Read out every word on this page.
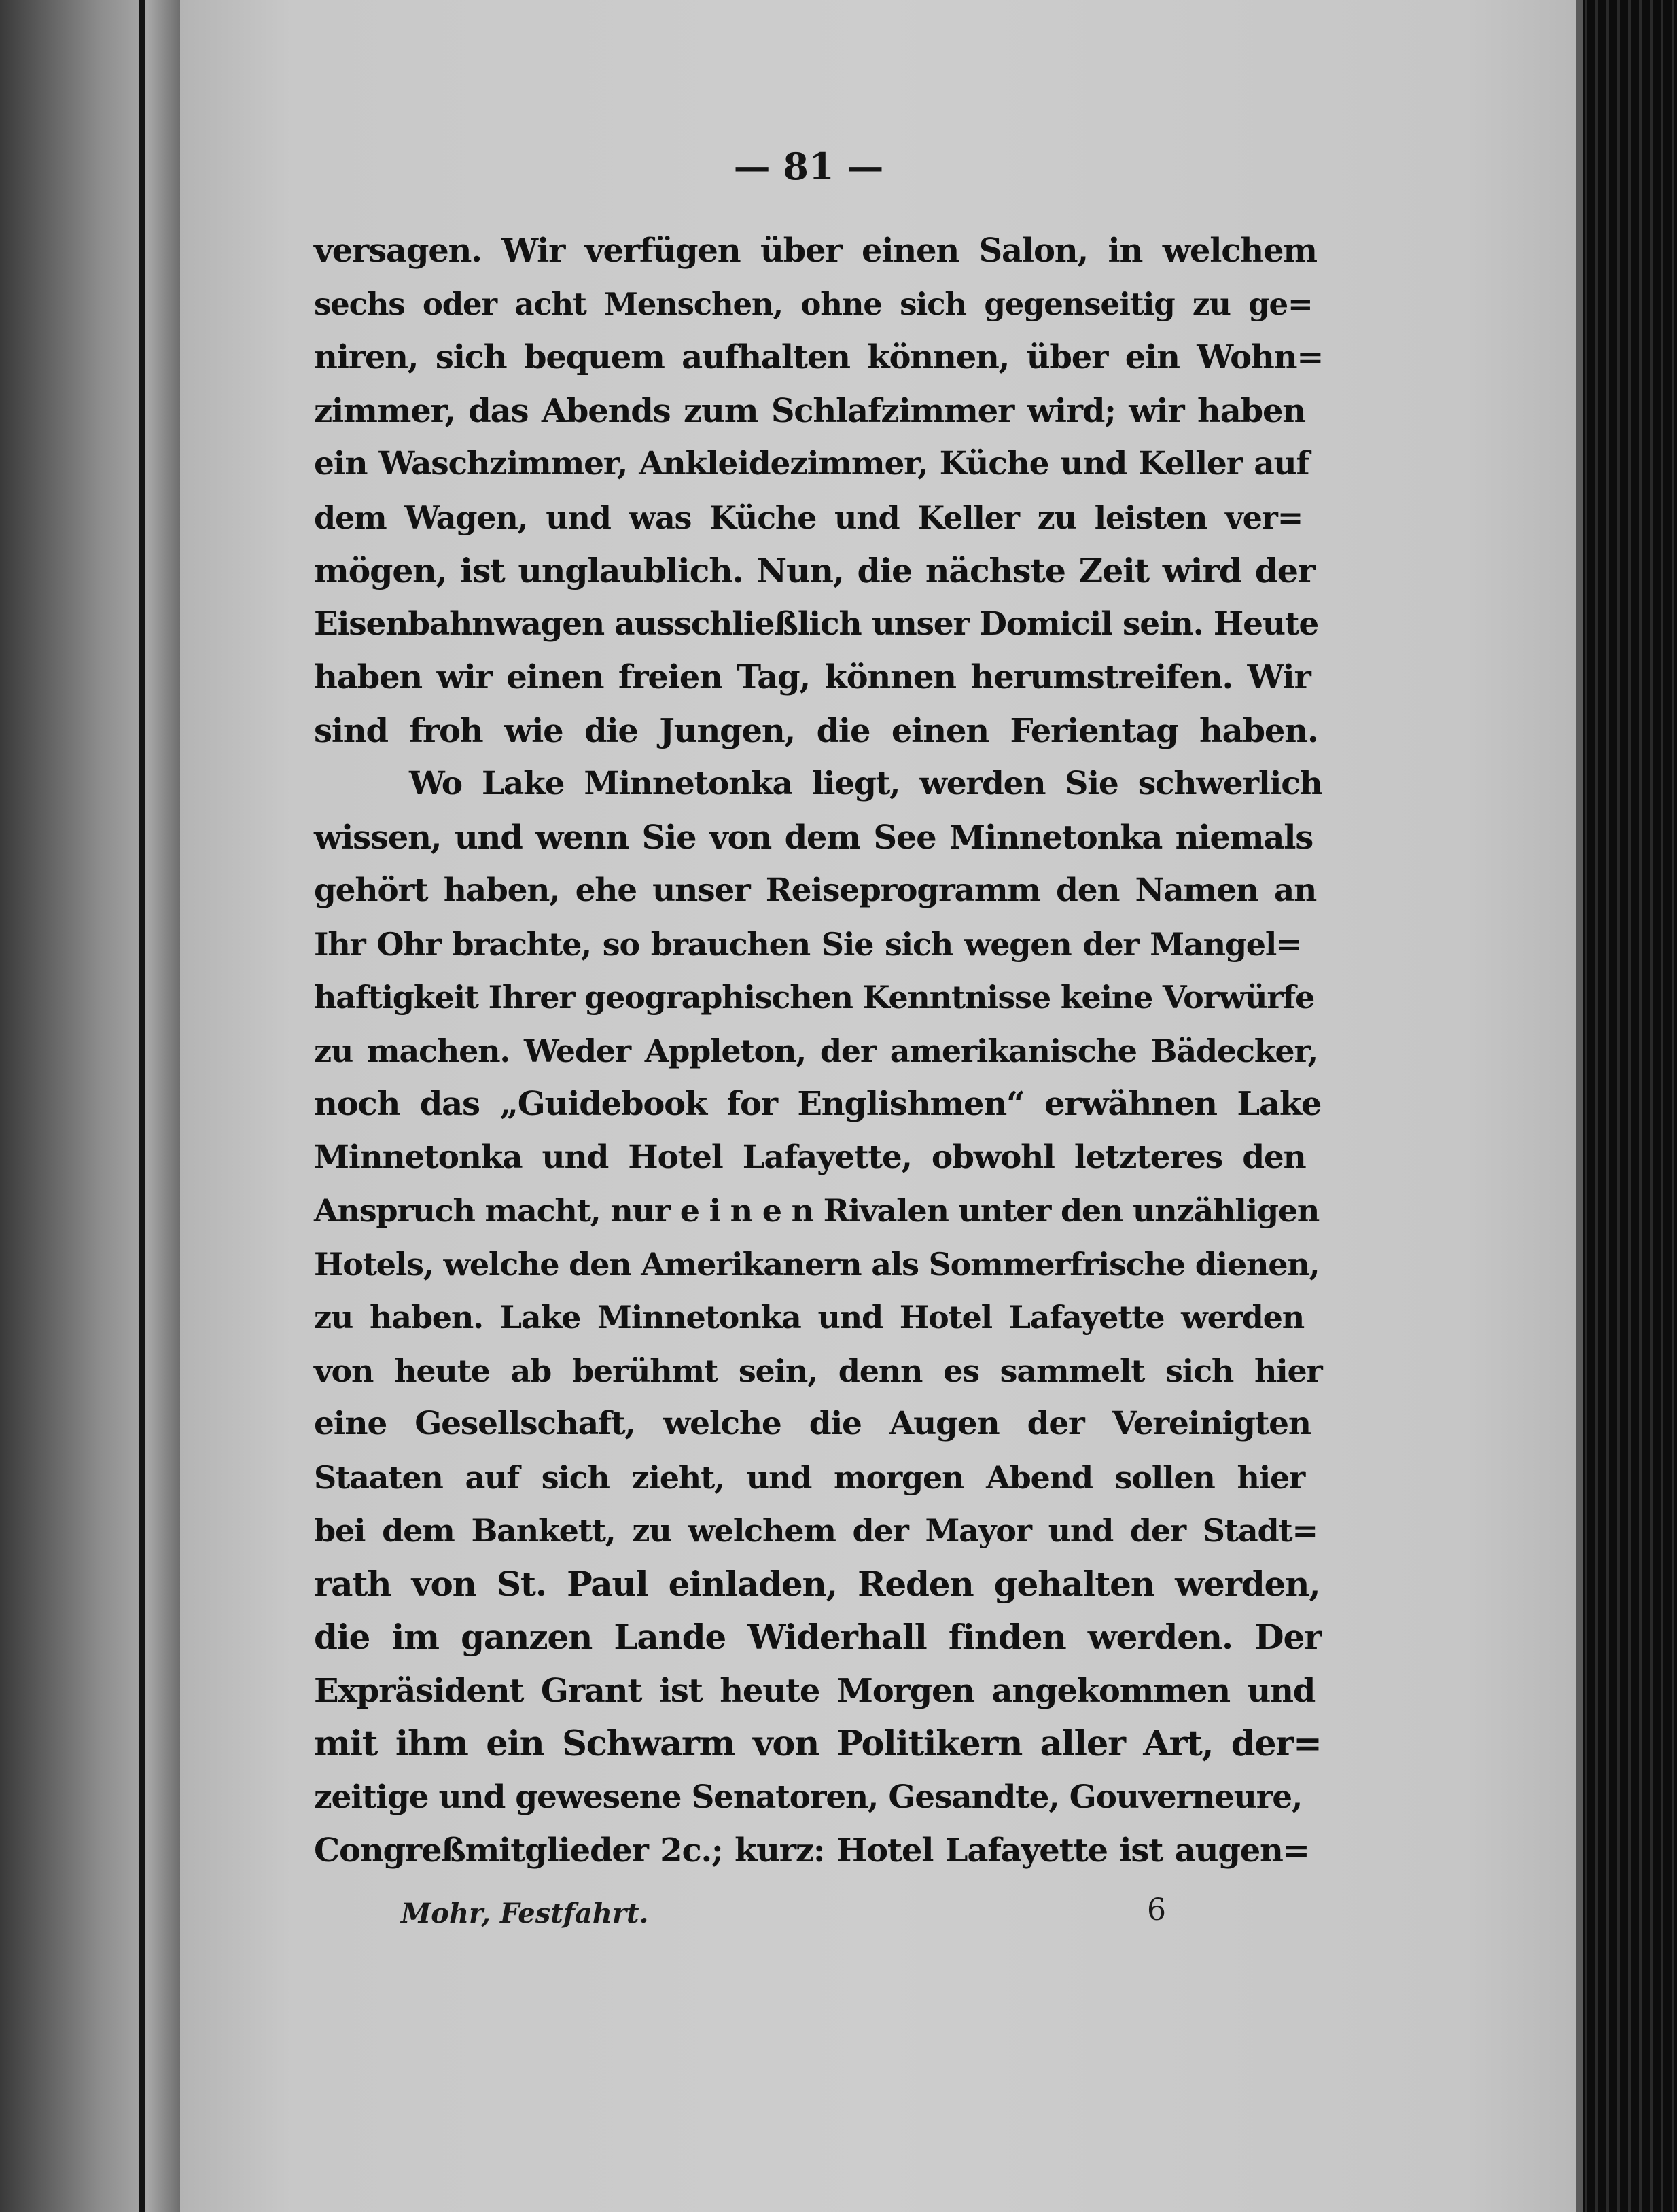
— 81 —
versagen. Wir verfügen über einen Salon, in welchem
sechs oder acht Menschen, ohne sich gegenseitig zu ge=
niren, sich bequem aufhalten können, über ein Wohn=
zimmer, das Abends zum Schlafzimmer wird; wir haben
ein Waschzimmer, Ankleidezimmer, Küche und Keller auf
dem Wagen, und was Küche und Keller zu leisten ver=
mögen, ist unglaublich. Nun, die nächste Zeit wird der
Eisenbahnwagen ausschließlich unser Domicil sein. Heute
haben wir einen freien Tag, können herumstreifen. Wir
sind froh wie die Jungen, die einen Ferientag haben.
Wo Lake Minnetonka liegt, werden Sie schwerlich
wissen, und wenn Sie von dem See Minnetonka niemals
gehört haben, ehe unser Reiseprogramm den Namen an
Ihr Ohr brachte, so brauchen Sie sich wegen der Mangel=
haftigkeit Ihrer geographischen Kenntnisse keine Vorwürfe
zu machen. Weder Appleton, der amerikanische Bädecker,
noch das „Guidebook for Englishmen“ erwähnen Lake
Minnetonka und Hotel Lafayette, obwohl letzteres den
Anspruch macht, nur e i n e n Rivalen unter den unzähligen
Hotels, welche den Amerikanern als Sommerfrische dienen,
zu haben. Lake Minnetonka und Hotel Lafayette werden
von heute ab berühmt sein, denn es sammelt sich hier
eine Gesellschaft, welche die Augen der Vereinigten
Staaten auf sich zieht, und morgen Abend sollen hier
bei dem Bankett, zu welchem der Mayor und der Stadt=
rath von St. Paul einladen, Reden gehalten werden,
die im ganzen Lande Widerhall finden werden. Der
Expräsident Grant ist heute Morgen angekommen und
mit ihm ein Schwarm von Politikern aller Art, der=
zeitige und gewesene Senatoren, Gesandte, Gouverneure,
Congreßmitglieder 2c.; kurz: Hotel Lafayette ist augen=
Mohr, Festfahrt.	6
